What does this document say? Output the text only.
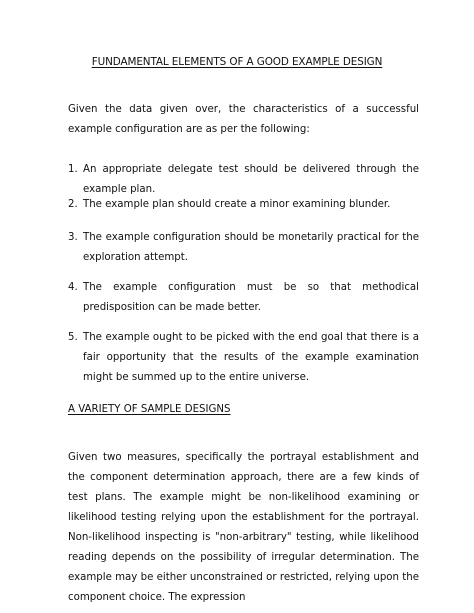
FUNDAMENTAL ELEMENTS OF A GOOD EXAMPLE DESIGN

Given the data given over, the characteristics of a successful example configuration are as per the following:

1. An appropriate delegate test should be delivered through the example plan.
2. The example plan should create a minor examining blunder.
3. The example configuration should be monetarily practical for the exploration attempt.
4. The example configuration must be so that methodical predisposition can be made better.
5. The example ought to be picked with the end goal that there is a fair opportunity that the results of the example examination might be summed up to the entire universe.
A VARIETY OF SAMPLE DESIGNS

Given two measures, specifically the portrayal establishment and the component determination approach, there are a few kinds of test plans. The example might be non-likelihood examining or likelihood testing relying upon the establishment for the portrayal. Non-likelihood inspecting is "non-arbitrary" testing, while likelihood reading depends on the possibility of irregular determination. The example may be either unconstrained or restricted, relying upon the component choice. The expression
